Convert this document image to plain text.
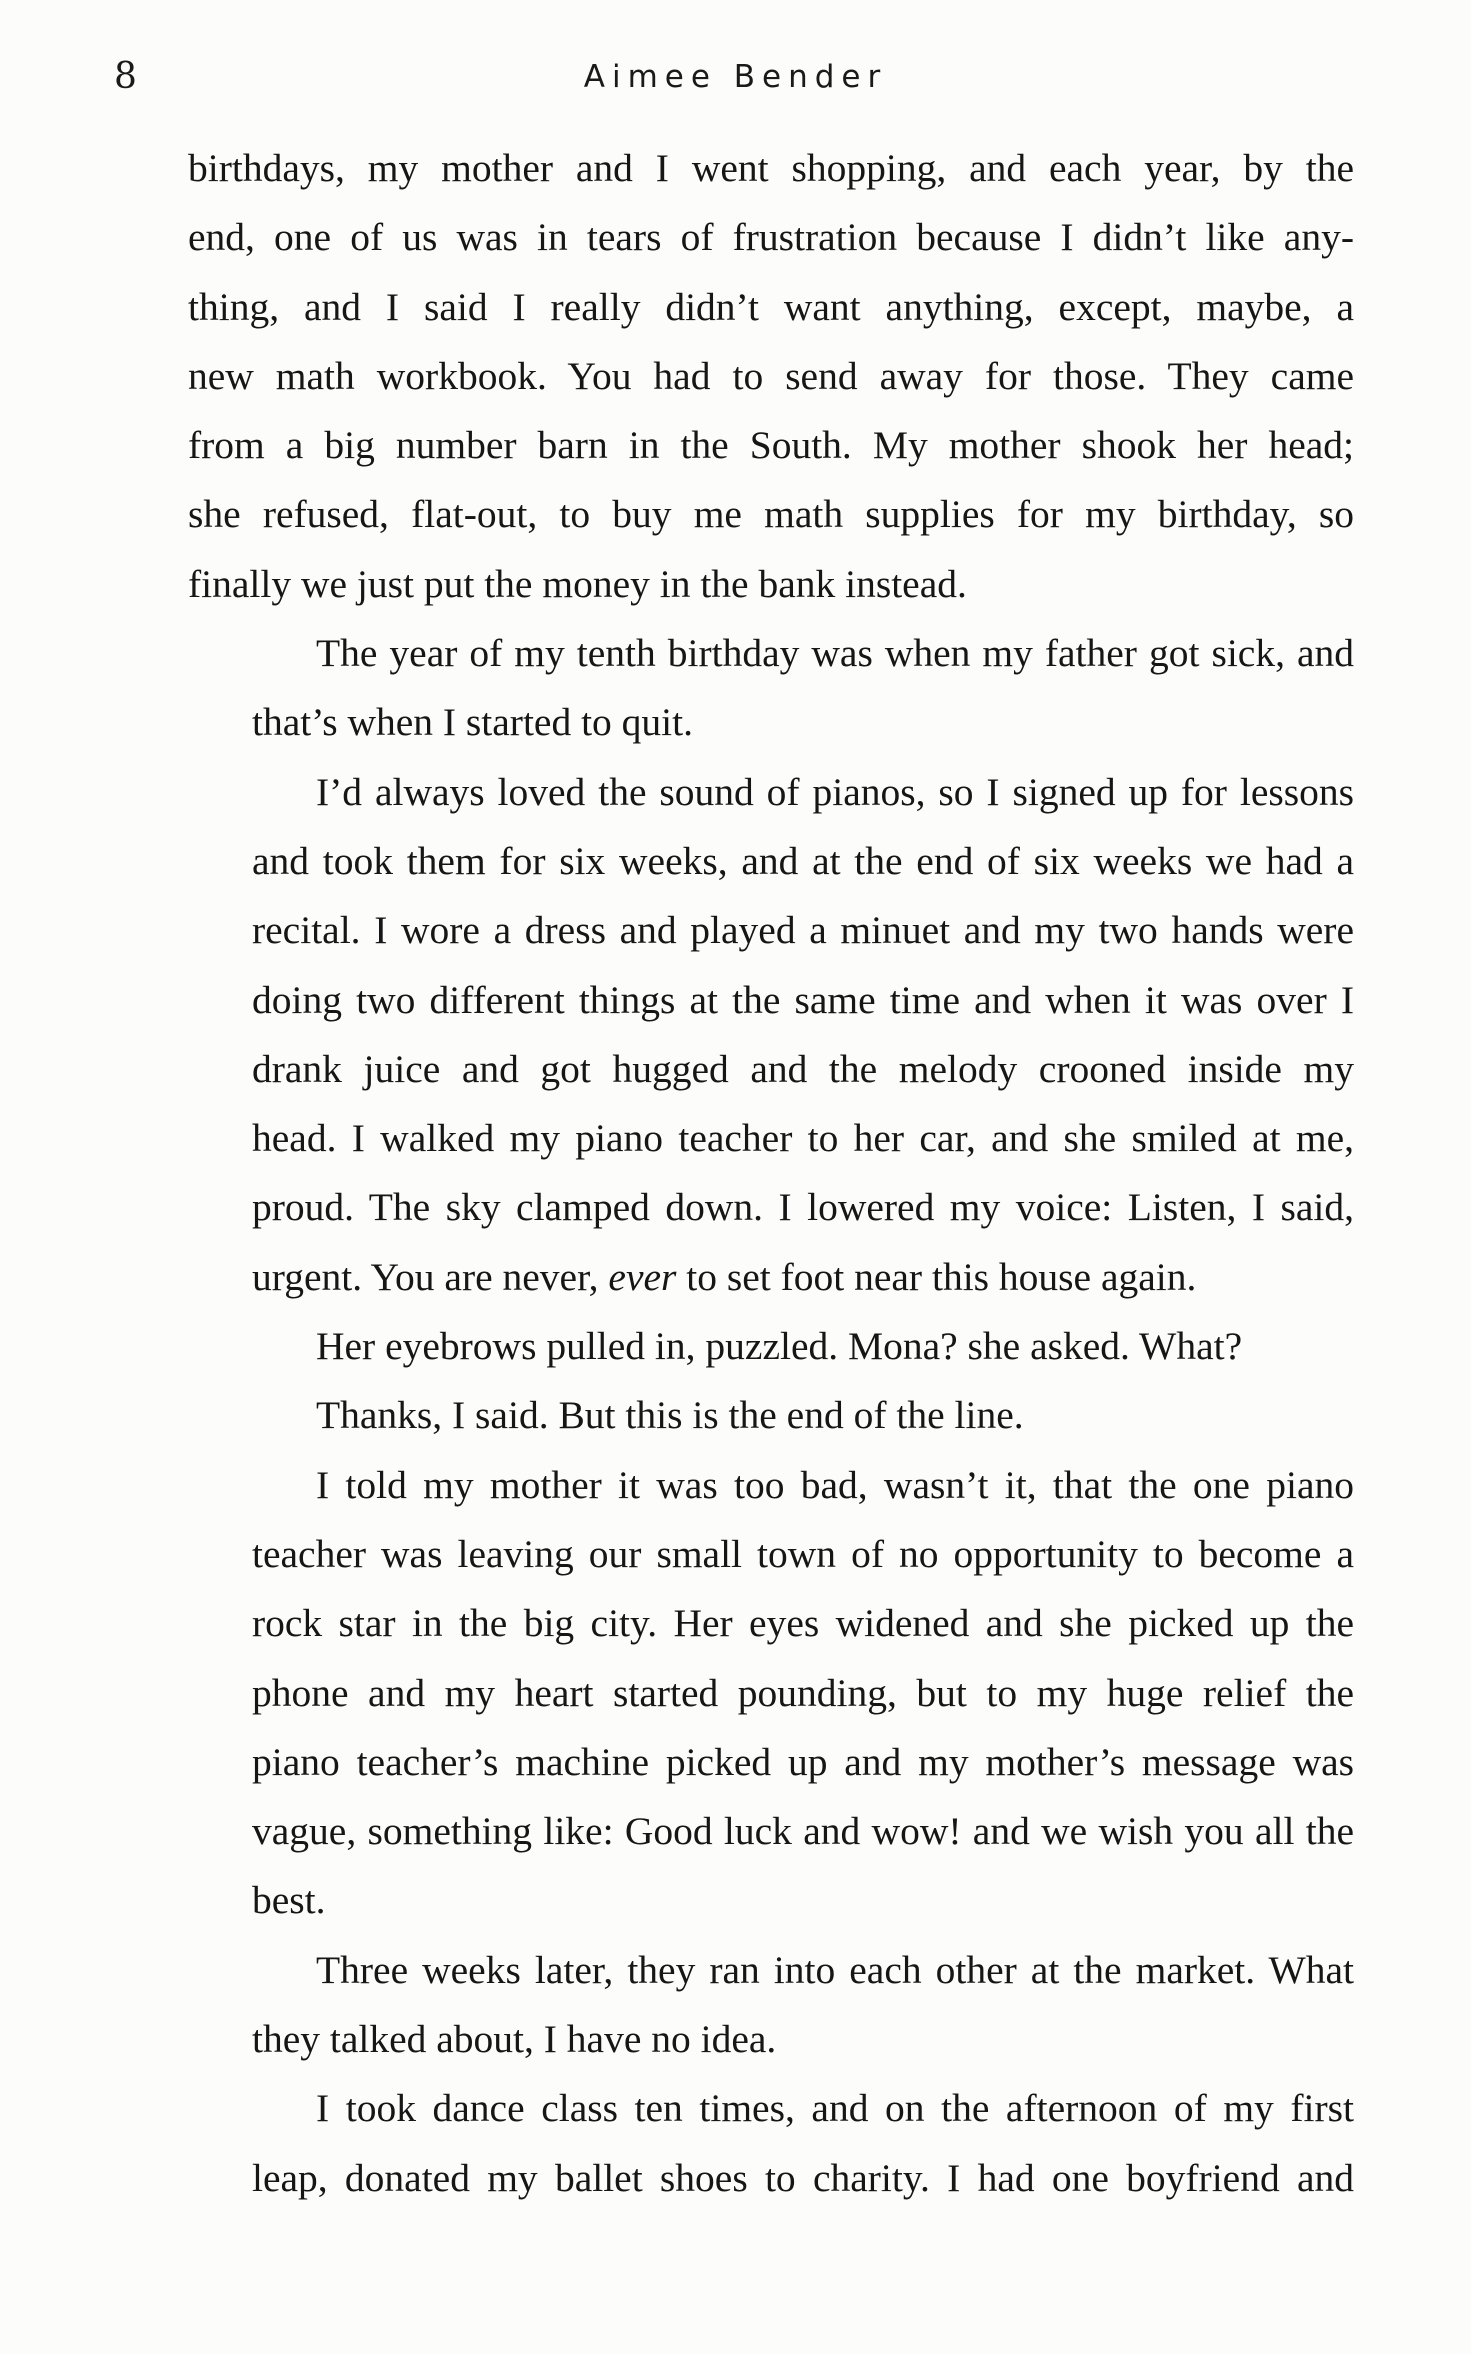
8	Aimee Bender
birthdays, my mother and I went shopping, and each year, by the
end, one of us was in tears of frustration because I didn’t like any-
thing, and I said I really didn’t want anything, except, maybe, a
new math workbook. You had to send away for those. They came
from a big number barn in the South. My mother shook her head;
she refused, flat-out, to buy me math supplies for my birthday, so
finally we just put the money in the bank instead.
The year of my tenth birthday was when my father got sick, and
that’s when I started to quit.
I’d always loved the sound of pianos, so I signed up for lessons
and took them for six weeks, and at the end of six weeks we had a
recital. I wore a dress and played a minuet and my two hands were
doing two different things at the same time and when it was over I
drank juice and got hugged and the melody crooned inside my
head. I walked my piano teacher to her car, and she smiled at me,
proud. The sky clamped down. I lowered my voice: Listen, I said,
urgent. You are never, ever to set foot near this house again.
Her eyebrows pulled in, puzzled. Mona? she asked. What?
Thanks, I said. But this is the end of the line.
I told my mother it was too bad, wasn’t it, that the one piano
teacher was leaving our small town of no opportunity to become a
rock star in the big city. Her eyes widened and she picked up the
phone and my heart started pounding, but to my huge relief the
piano teacher’s machine picked up and my mother’s message was
vague, something like: Good luck and wow! and we wish you all the
best.
Three weeks later, they ran into each other at the market. What
they talked about, I have no idea.
I took dance class ten times, and on the afternoon of my first
leap, donated my ballet shoes to charity. I had one boyfriend and
